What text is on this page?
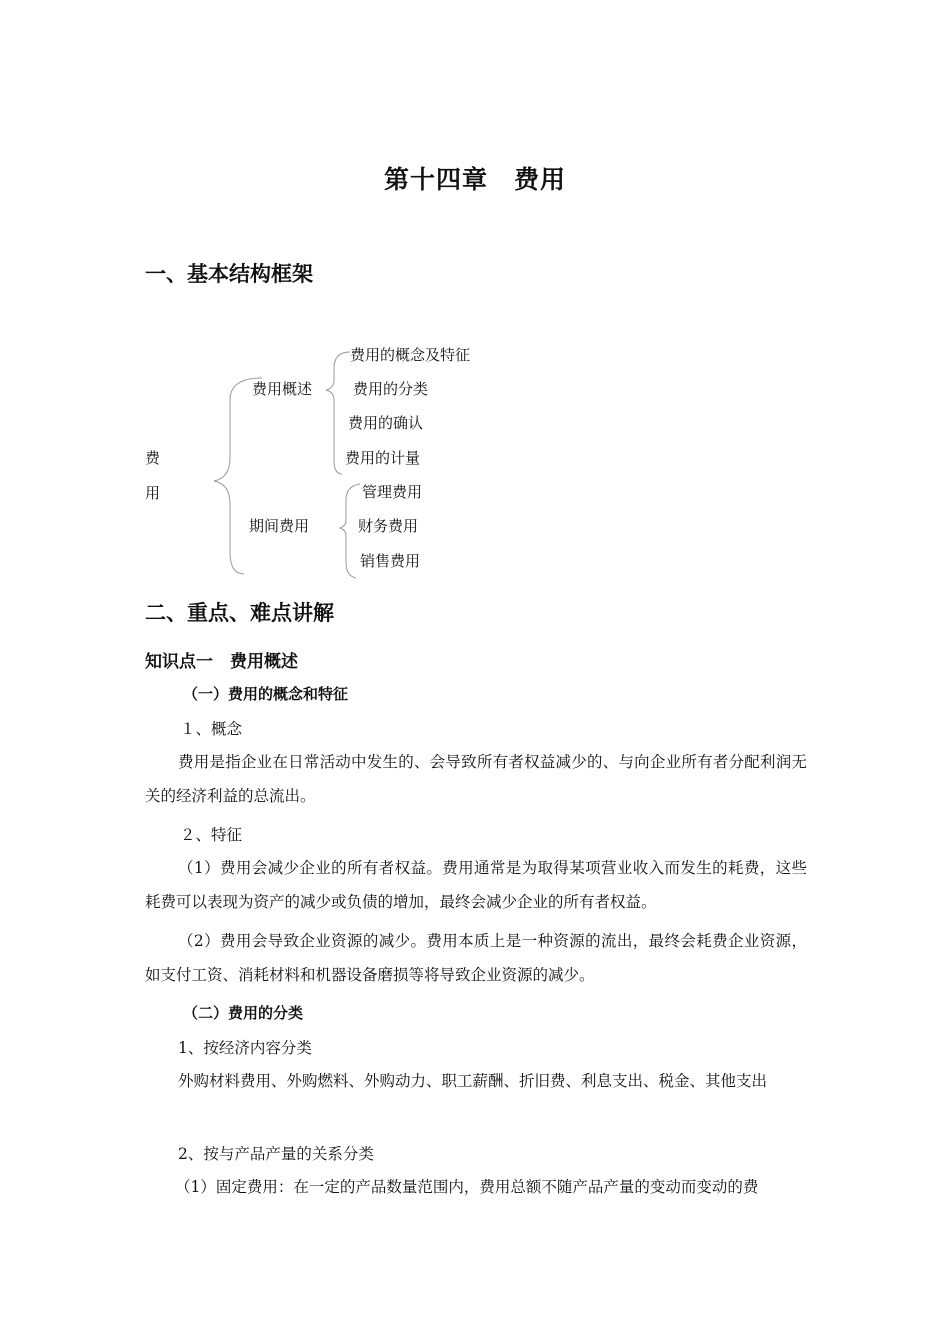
第十四章　费用
一、基本结构框架
费
用
费用概述
期间费用
费用的概念及特征
费用的分类
费用的确认
费用的计量
管理费用
财务费用
销售费用
二、重点、难点讲解
知识点一　费用概述
（一）费用的概念和特征
１、概念
费用是指企业在日常活动中发生的、会导致所有者权益减少的、与向企业所有者分配利润无关的经济利益的总流出。
２、特征
（1）费用会减少企业的所有者权益。费用通常是为取得某项营业收入而发生的耗费，这些耗费可以表现为资产的减少或负债的增加，最终会减少企业的所有者权益。
（2）费用会导致企业资源的减少。费用本质上是一种资源的流出，最终会耗费企业资源，如支付工资、消耗材料和机器设备磨损等将导致企业资源的减少。
（二）费用的分类
1、按经济内容分类
外购材料费用、外购燃料、外购动力、职工薪酬、折旧费、利息支出、税金、其他支出
2、按与产品产量的关系分类
（1）固定费用：在一定的产品数量范围内，费用总额不随产品产量的变动而变动的费
